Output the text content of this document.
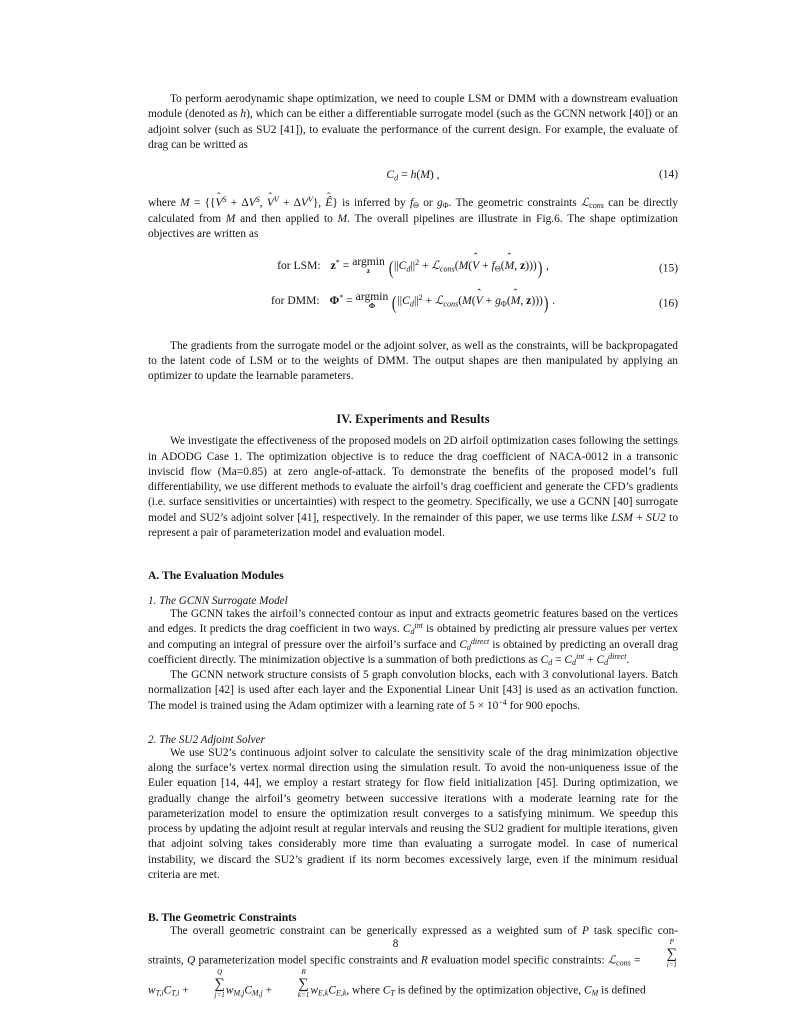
To perform aerodynamic shape optimization, we need to couple LSM or DMM with a downstream evaluation module (denoted as h), which can be either a differentiable surrogate model (such as the GCNN network [40]) or an adjoint solver (such as SU2 [41]), to evaluate the performance of the current design. For example, the evaluate of drag can be writted as

$C_d = h(M)$ ,	(14)

where M = {{ˆ $V^S + \Delta V^S$, ˆ $V^V + \Delta V^V$}, ˆ Ê} is inferred by $f_\Theta$ or $g_\Phi$. The geometric constraints ℒ$_{cons}$ can be directly calculated from M and then applied to M. The overall pipelines are illustrate in Fig.6. The shape optimization objectives are written as

for LSM: z* = argmin
z ($||C_d||^2$ + ℒ$_{cons}$(M(ˆ $V + f_\Theta(ˆ$ M, z)))) ,	(15)
for DMM: Φ* = argmin
Φ ($||C_d||^2$ + ℒ$_{cons}$(M(ˆ $V + g_\Phi(ˆ$ M, z)))) .	(16)

The gradients from the surrogate model or the adjoint solver, as well as the constraints, will be backpropagated to the latent code of LSM or to the weights of DMM. The output shapes are then manipulated by applying an optimizer to update the learnable parameters.

IV. Experiments and Results

We investigate the effectiveness of the proposed models on 2D airfoil optimization cases following the settings in ADODG Case 1. The optimization objective is to reduce the drag coefficient of NACA-0012 in a transonic inviscid flow (Ma=0.85) at zero angle-of-attack. To demonstrate the benefits of the proposed model’s full differentiability, we use different methods to evaluate the airfoil’s drag coefficient and generate the CFD’s gradients (i.e. surface sensitivities or uncertainties) with respect to the geometry. Specifically, we use a GCNN [40] surrogate model and SU2’s adjoint solver [41], respectively. In the remainder of this paper, we use terms like LSM + SU2 to represent a pair of parameterization model and evaluation model.

A. The Evaluation Modules
1. The GCNN Surrogate Model

The GCNN takes the airfoil’s connected contour as input and extracts geometric features based on the vertices and edges. It predicts the drag coefficient in two ways. $C_d^{int}$ is obtained by predicting air pressure values per vertex and computing an integral of pressure over the airfoil’s surface and $C_d^{direct}$ is obtained by predicting an overall drag coefficient directly. The minimization objective is a summation of both predictions as $C_d = C_d^{int} + C_d^{direct}$.

The GCNN network structure consists of 5 graph convolution blocks, each with 3 convolutional layers. Batch normalization [42] is used after each layer and the Exponential Linear Unit [43] is used as an activation function. The model is trained using the Adam optimizer with a learning rate of $5 \times 10^{-4}$ for 900 epochs.

2. The SU2 Adjoint Solver

We use SU2’s continuous adjoint solver to calculate the sensitivity scale of the drag minimization objective along the surface’s vertex normal direction using the simulation result. To avoid the non-uniqueness issue of the Euler equation [14, 44], we employ a restart strategy for flow field initialization [45]. During optimization, we gradually change the airfoil’s geometry between successive iterations with a moderate learning rate for the parameterization model to ensure the optimization result converges to a satisfying minimum. We speedup this process by updating the adjoint result at regular intervals and reusing the SU2 gradient for multiple iterations, given that adjoint solving takes considerably more time than evaluating a surrogate model. In case of numerical instability, we discard the SU2’s gradient if its norm becomes excessively large, even if the minimum residual criteria are met.

B. The Geometric Constraints

The overall geometric constraint can be generically expressed as a weighted sum of P task specific con- straints, Q parameterization model specific constraints and R evaluation model specific constraints: ℒ$_{cons}$ =
P
∑
i=1
$w_{T,i}C_{T,i}$ +
Q
∑
j=1 $w_{M,j}C_{M,j}$ +
R
∑
k=1 $w_{E,k}C_{E,k}$, where $C_T$ is defined by the optimization objective, $C_M$ is defined

8
